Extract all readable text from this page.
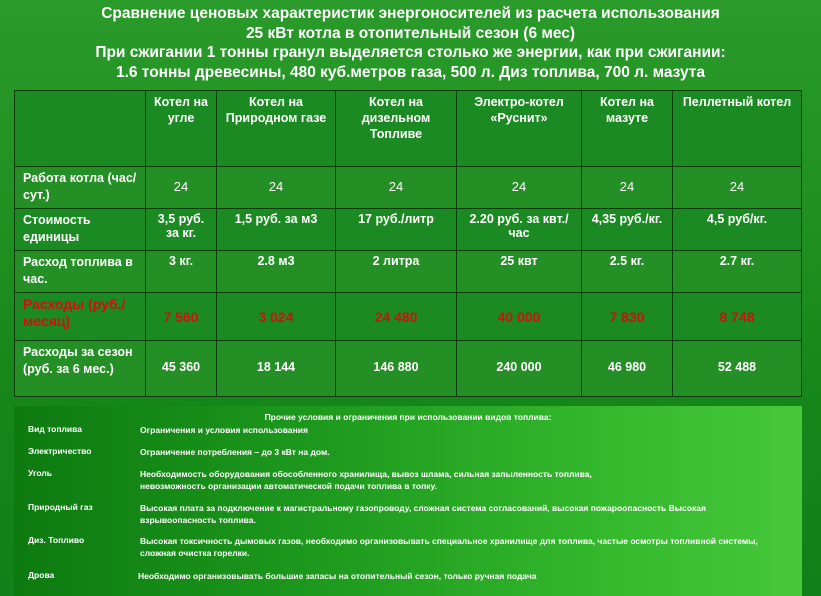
Сравнение ценовых характеристик энергоносителей из расчета использования
25 кВт котла в отопительный сезон (6 мес)
При сжигании 1 тонны гранул выделяется столько же энергии, как при сжигании:
1.6 тонны древесины, 480 куб.метров газа, 500 л. Диз топлива, 700 л. мазута
	Котел на угле	Котел на Природном газе	Котел на дизельном Топливе	Электро-котел «Руснит»	Котел на мазуте	Пеллетный котел
Работа котла (час/сут.)	24	24	24	24	24	24
Стоимость единицы	3,5 руб. за кг.	1,5 руб. за м3	17 руб./литр	2.20 руб. за квт./час	4,35 руб./кг.	4,5 руб/кг.
Расход топлива в час.	3 кг.	2.8 м3	2 литра	25 квт	2.5 кг.	2.7 кг.
Расходы (руб./месяц)	7 560	3 024	24 480	40 000	7 830	8 748
Расходы за сезон (руб. за 6 мес.)	45 360	18 144	146 880	240 000	46 980	52 488
Прочие условия и ограничения при использовании видов топлива:
Вид топлива	Ограничения и условия использования
Электричество	Ограничение потребления – до 3 кВт на дом.
Уголь	Необходимость оборудования обособленного хранилища, вывоз шлама, сильная запыленность топлива, невозможность организации автоматической подачи топлива в топку.
Природный газ	Высокая плата за подключение к магистральному газопроводу, сложная система согласований, высокая пожароопасность Высокая взрывоопасность топлива.
Диз. Топливо	Высокая токсичность дымовых газов, необходимо организовывать специальное хранилище для топлива, частые осмотры топливной системы, сложная очистка горелки.
Дрова	Необходимо организовывать большие запасы на отопительный сезон, только ручная подача
